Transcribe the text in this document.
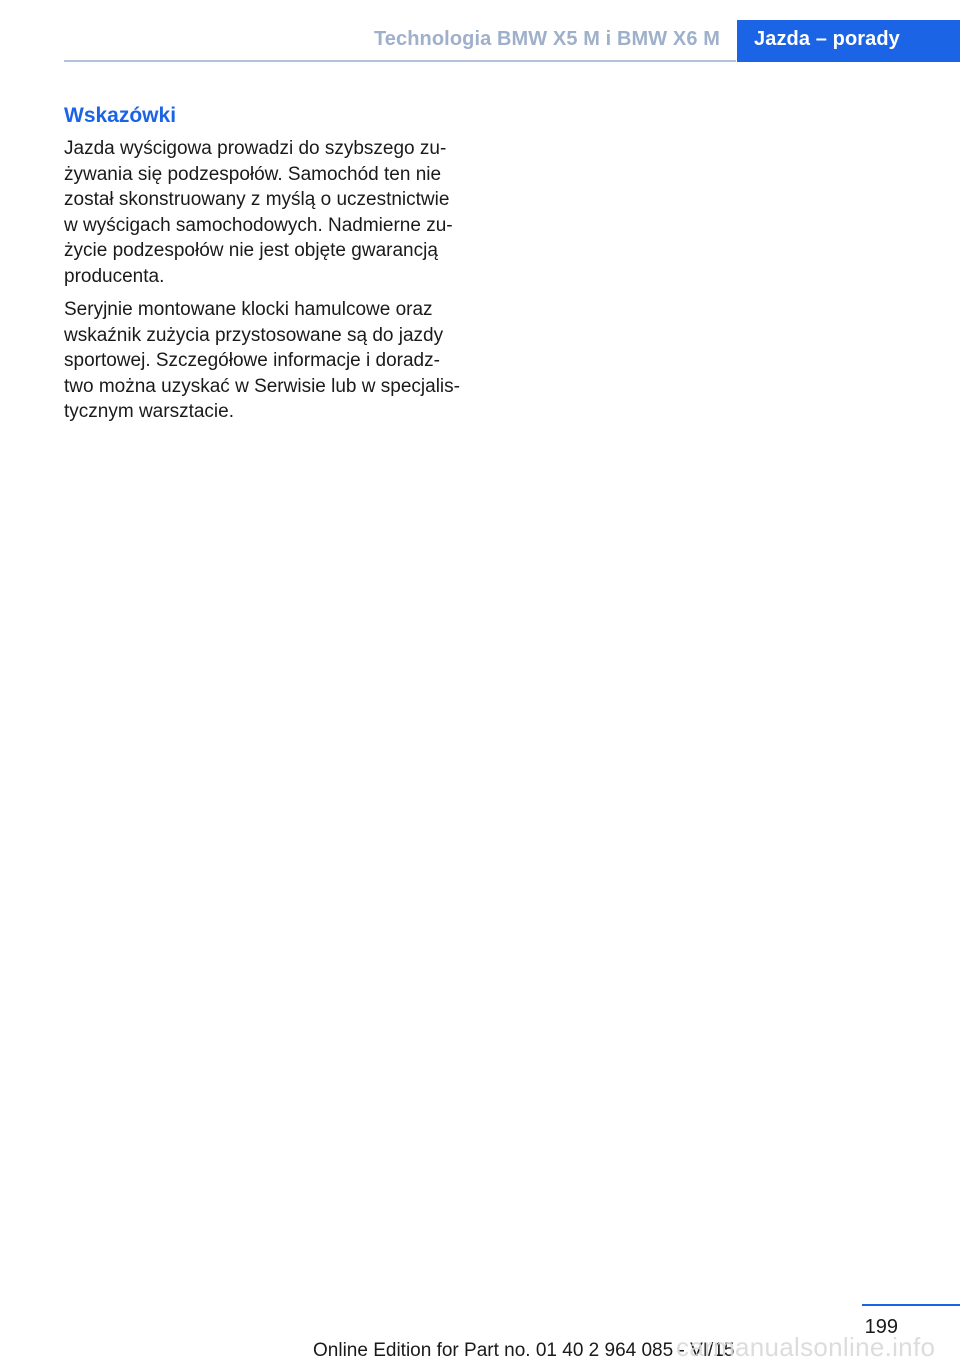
Technologia BMW X5 M i BMW X6 M Jazda – porady
Wskazówki

Jazda wyścigowa prowadzi do szybszego zu‐
żywania się podzespołów. Samochód ten nie
został skonstruowany z myślą o uczestnictwie
w wyścigach samochodowych. Nadmierne zu‐
życie podzespołów nie jest objęte gwarancją
producenta.

Seryjnie montowane klocki hamulcowe oraz
wskaźnik zużycia przystosowane są do jazdy
sportowej. Szczegółowe informacje i doradz‐
two można uzyskać w Serwisie lub w specjalis‐
tycznym warsztacie.

199
Online Edition for Part no. 01 40 2 964 085 - VI/15
carmanualsonline.info
